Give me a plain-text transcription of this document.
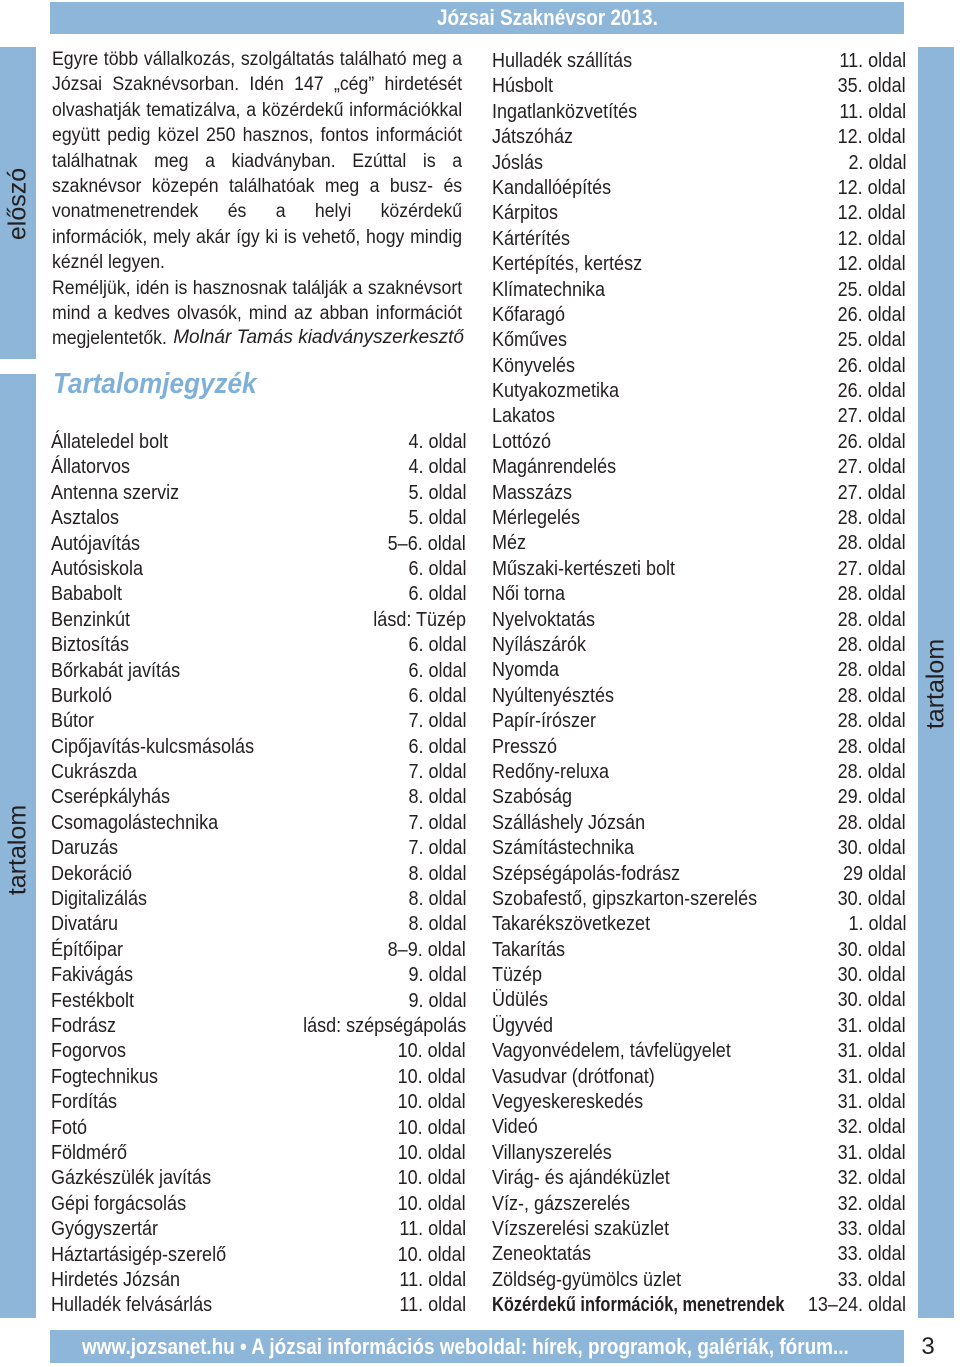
Józsai Szaknévsor 2013.
előszó
tartalom
tartalom

Egyre több vállalkozás, szolgáltatás található meg a Józsai Szaknévsorban. Idén 147 „cég” hirdetését olvashatják tematizálva, a közérdekű információkkal együtt pedig közel 250 hasznos, fontos információt találhatnak meg a kiadványban. Ezúttal is a szaknévsor közepén találhatóak meg a busz- és vonatmenetrendek és a helyi közérdekű információk, mely akár így ki is vehető, hogy mindig kéznél legyen.

Reméljük, idén is hasznosnak találják a szaknévsort mind a kedves olvasók, mind az abban információt megjelentetők. Molnár Tamás kiadványszerkesztő
Tartalomjegyzék
Állateledel bolt	4. oldal
Állatorvos	4. oldal
Antenna szerviz	5. oldal
Asztalos	5. oldal
Autójavítás	5–6. oldal
Autósiskola	6. oldal
Bababolt	6. oldal
Benzinkút	lásd: Tüzép
Biztosítás	6. oldal
Bőrkabát javítás	6. oldal
Burkoló	6. oldal
Bútor	7. oldal
Cipőjavítás-kulcsmásolás	6. oldal
Cukrászda	7. oldal
Cserépkályhás	8. oldal
Csomagolástechnika	7. oldal
Daruzás	7. oldal
Dekoráció	8. oldal
Digitalizálás	8. oldal
Divatáru	8. oldal
Építőipar	8–9. oldal
Fakivágás	9. oldal
Festékbolt	9. oldal
Fodrász	lásd: szépségápolás
Fogorvos	10. oldal
Fogtechnikus	10. oldal
Fordítás	10. oldal
Fotó	10. oldal
Földmérő	10. oldal
Gázkészülék javítás	10. oldal
Gépi forgácsolás	10. oldal
Gyógyszertár	11. oldal
Háztartásigép-szerelő	10. oldal
Hirdetés Józsán	11. oldal
Hulladék felvásárlás	11. oldal
Hulladék szállítás	11. oldal
Húsbolt	35. oldal
Ingatlanközvetítés	11. oldal
Játszóház	12. oldal
Jóslás	2. oldal
Kandallóépítés	12. oldal
Kárpitos	12. oldal
Kártérítés	12. oldal
Kertépítés, kertész	12. oldal
Klímatechnika	25. oldal
Kőfaragó	26. oldal
Kőműves	25. oldal
Könyvelés	26. oldal
Kutyakozmetika	26. oldal
Lakatos	27. oldal
Lottózó	26. oldal
Magánrendelés	27. oldal
Masszázs	27. oldal
Mérlegelés	28. oldal
Méz	28. oldal
Műszaki-kertészeti bolt	27. oldal
Női torna	28. oldal
Nyelvoktatás	28. oldal
Nyílászárók	28. oldal
Nyomda	28. oldal
Nyúltenyésztés	28. oldal
Papír-írószer	28. oldal
Presszó	28. oldal
Redőny-reluxa	28. oldal
Szabóság	29. oldal
Szálláshely Józsán	28. oldal
Számítástechnika	30. oldal
Szépségápolás-fodrász	29 oldal
Szobafestő, gipszkarton-szerelés	30. oldal
Takarékszövetkezet	1. oldal
Takarítás	30. oldal
Tüzép	30. oldal
Üdülés	30. oldal
Ügyvéd	31. oldal
Vagyonvédelem, távfelügyelet	31. oldal
Vasudvar (drótfonat)	31. oldal
Vegyeskereskedés	31. oldal
Videó	32. oldal
Villanyszerelés	31. oldal
Virág- és ajándéküzlet	32. oldal
Víz-, gázszerelés	32. oldal
Vízszerelési szaküzlet	33. oldal
Zeneoktatás	33. oldal
Zöldség-gyümölcs üzlet	33. oldal
Közérdekű információk, menetrendek 13–24. oldal
www.jozsanet.hu • A józsai információs weboldal: hírek, programok, galériák, fórum...	3
